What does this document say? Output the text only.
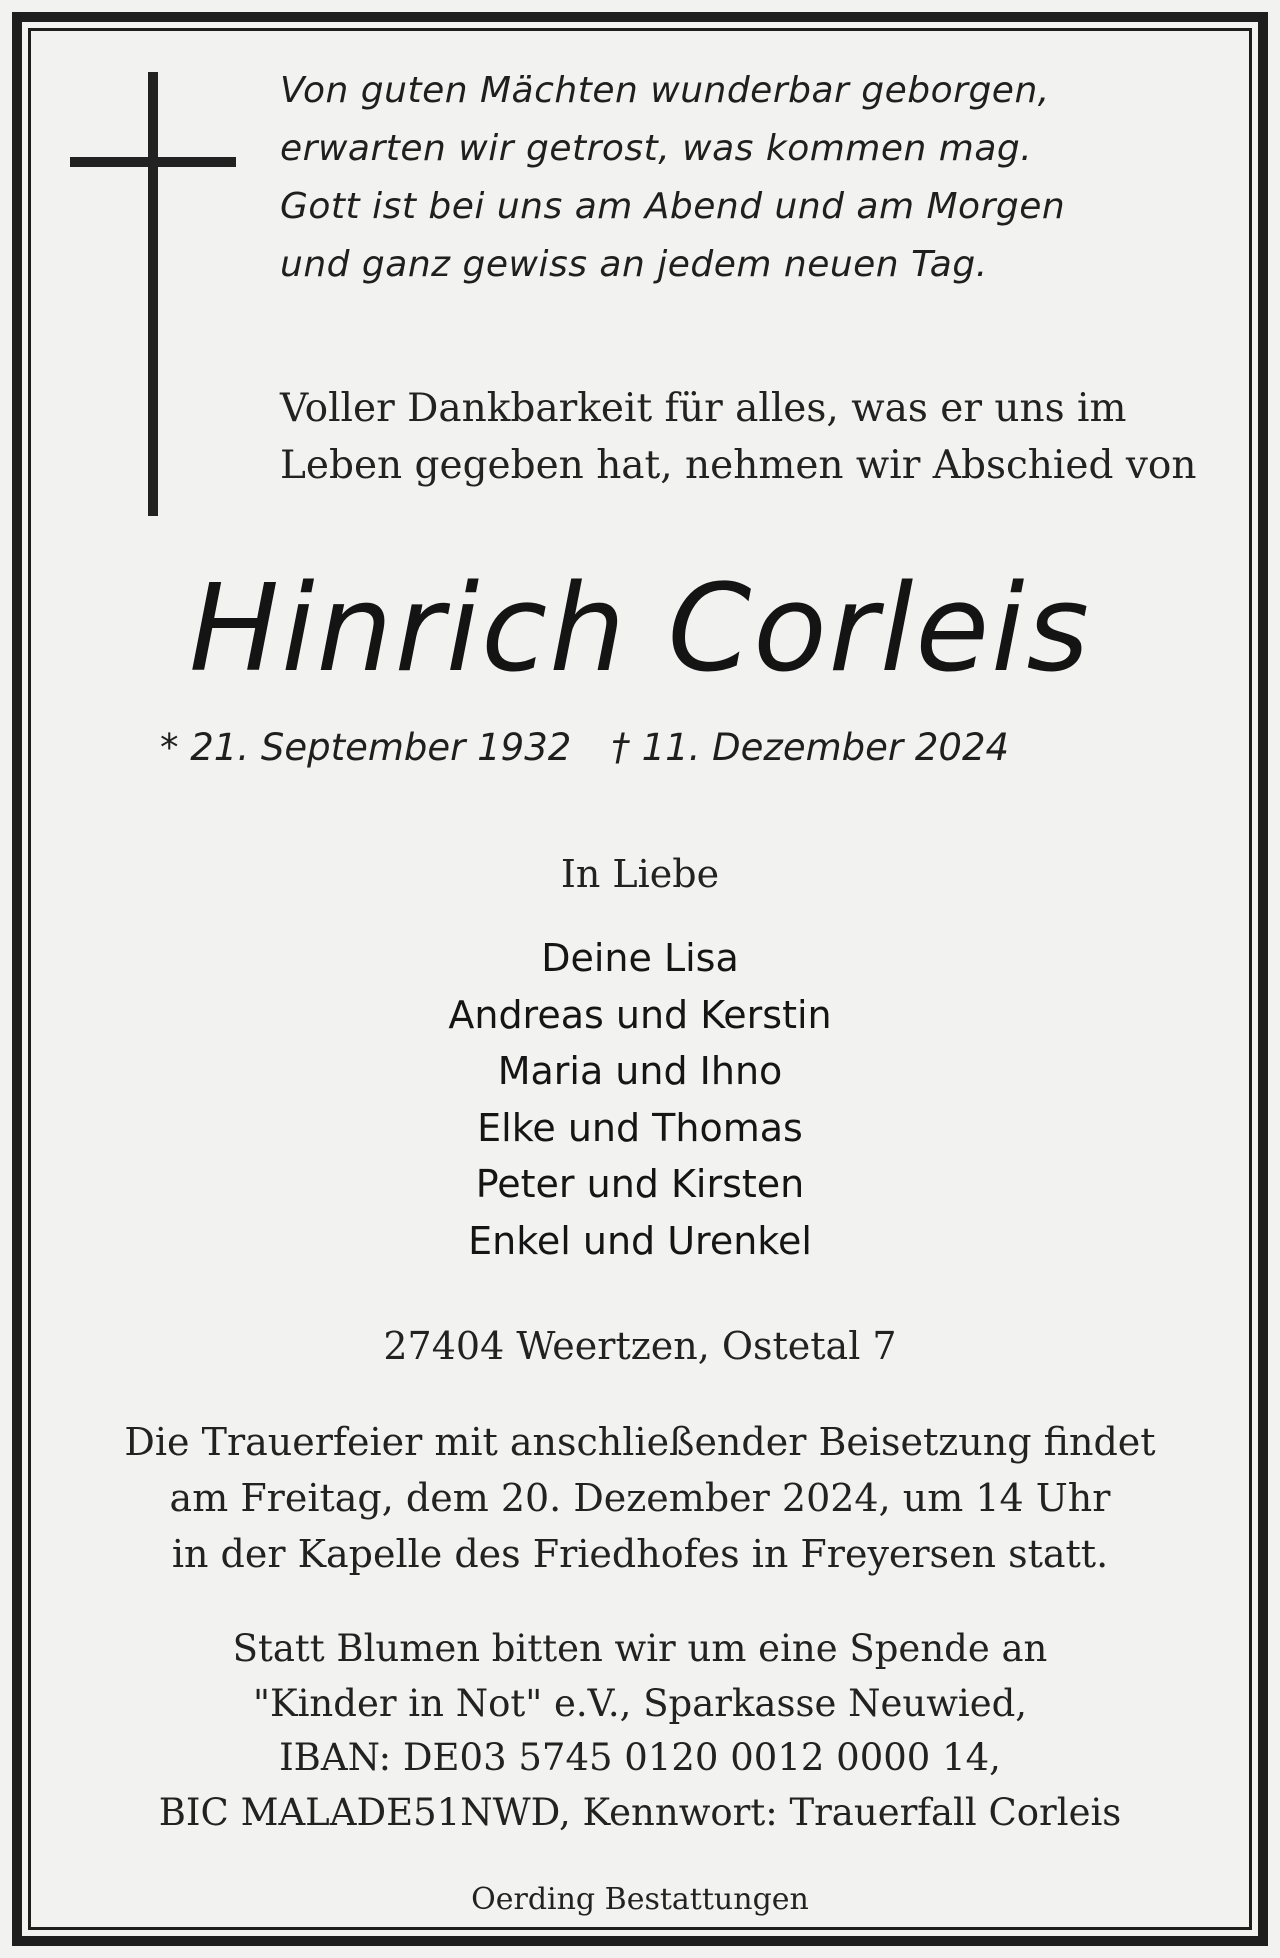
Von guten Mächten wunderbar geborgen,
erwarten wir getrost, was kommen mag.
Gott ist bei uns am Abend und am Morgen
und ganz gewiss an jedem neuen Tag.
Voller Dankbarkeit für alles, was er uns im
Leben gegeben hat, nehmen wir Abschied von
Hinrich Corleis
* 21. September 1932 † 11. Dezember 2024
In Liebe
Deine Lisa
Andreas und Kerstin
Maria und Ihno
Elke und Thomas
Peter und Kirsten
Enkel und Urenkel
27404 Weertzen, Ostetal 7
Die Trauerfeier mit anschließender Beisetzung findet
am Freitag, dem 20. Dezember 2024, um 14 Uhr
in der Kapelle des Friedhofes in Freyersen statt.
Statt Blumen bitten wir um eine Spende an
"Kinder in Not" e.V., Sparkasse Neuwied,
IBAN: DE03 5745 0120 0012 0000 14,
BIC MALADE51NWD, Kennwort: Trauerfall Corleis
Oerding Bestattungen
